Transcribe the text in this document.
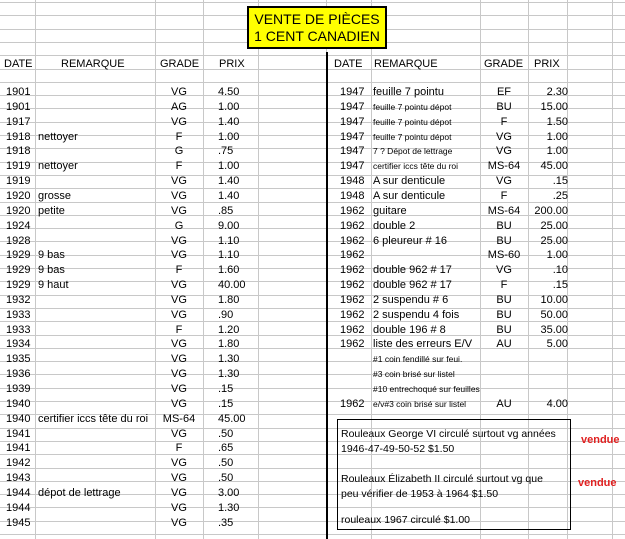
VENTE DE PIÈCES
1 CENT CANADIEN
DATE	REMARQUE	GRADE PRIX	DATE REMARQUE	GRADE PRIX
1901	VG	4.50
1901	AG	1.00
1917	VG	1.40
1918 nettoyer	F	1.00
1918	G	.75
1919 nettoyer	F	1.00
1919	VG	1.40
1920 grosse	VG	1.40
1920 petite	VG	.85
1924	G	9.00
1928	VG	1.10
1929 9 bas	VG	1.10
1929 9 bas	F	1.60
1929 9 haut	VG	40.00
1932	VG	1.80
1933	VG	.90
1933	F	1.20
1934	VG	1.80
1935	VG	1.30
1936	VG	1.30
1939	VG	.15
1940	VG	.15
1940 certifier iccs tête du roi	MS-64	45.00
1941	VG	.50
1941	F	.65
1942	VG	.50
1943	VG	.50
1944 dépot de lettrage	VG	3.00
1944	VG	1.30
1945	VG	.35
1947 feuille 7 pointu	EF	2.30
1947 feuille 7 pointu dépot	BU	15.00
1947 feuille 7 pointu dépot	F	1.50
1947 feuille 7 pointu dépot	VG	1.00
1947 7 ? Dépot de lettrage	VG	1.00
1947 certifier iccs tête du roi	MS-64	45.00
1948 A sur denticule	VG	.15
1948 A sur denticule	F	.25
1962 guitare	MS-64	200.00
1962 double 2	BU	25.00
1962 6 pleureur # 16	BU	25.00
1962	MS-60	1.00
1962 double 962 # 17	VG	.10
1962 double 962 # 17	F	.15
1962 2 suspendu # 6	BU	10.00
1962 2 suspendu 4 fois	BU	50.00
1962 double 196 # 8	BU	35.00
1962 liste des erreurs E/V	AU	5.00
#1 coin fendillé sur feui.
#3 coin brisé sur listel
#10 entrechoqué sur feuilles
1962 e/v#3 coin brisé sur listel	AU	4.00
Rouleaux George VI circulé surtout vg années 1946-47-49-50-52 $1.50
Rouleaux Élizabeth II circulé surtout vg que peu vérifier de 1953 à 1964 $1.50
rouleaux 1967 circulé $1.00
vendue
vendue
